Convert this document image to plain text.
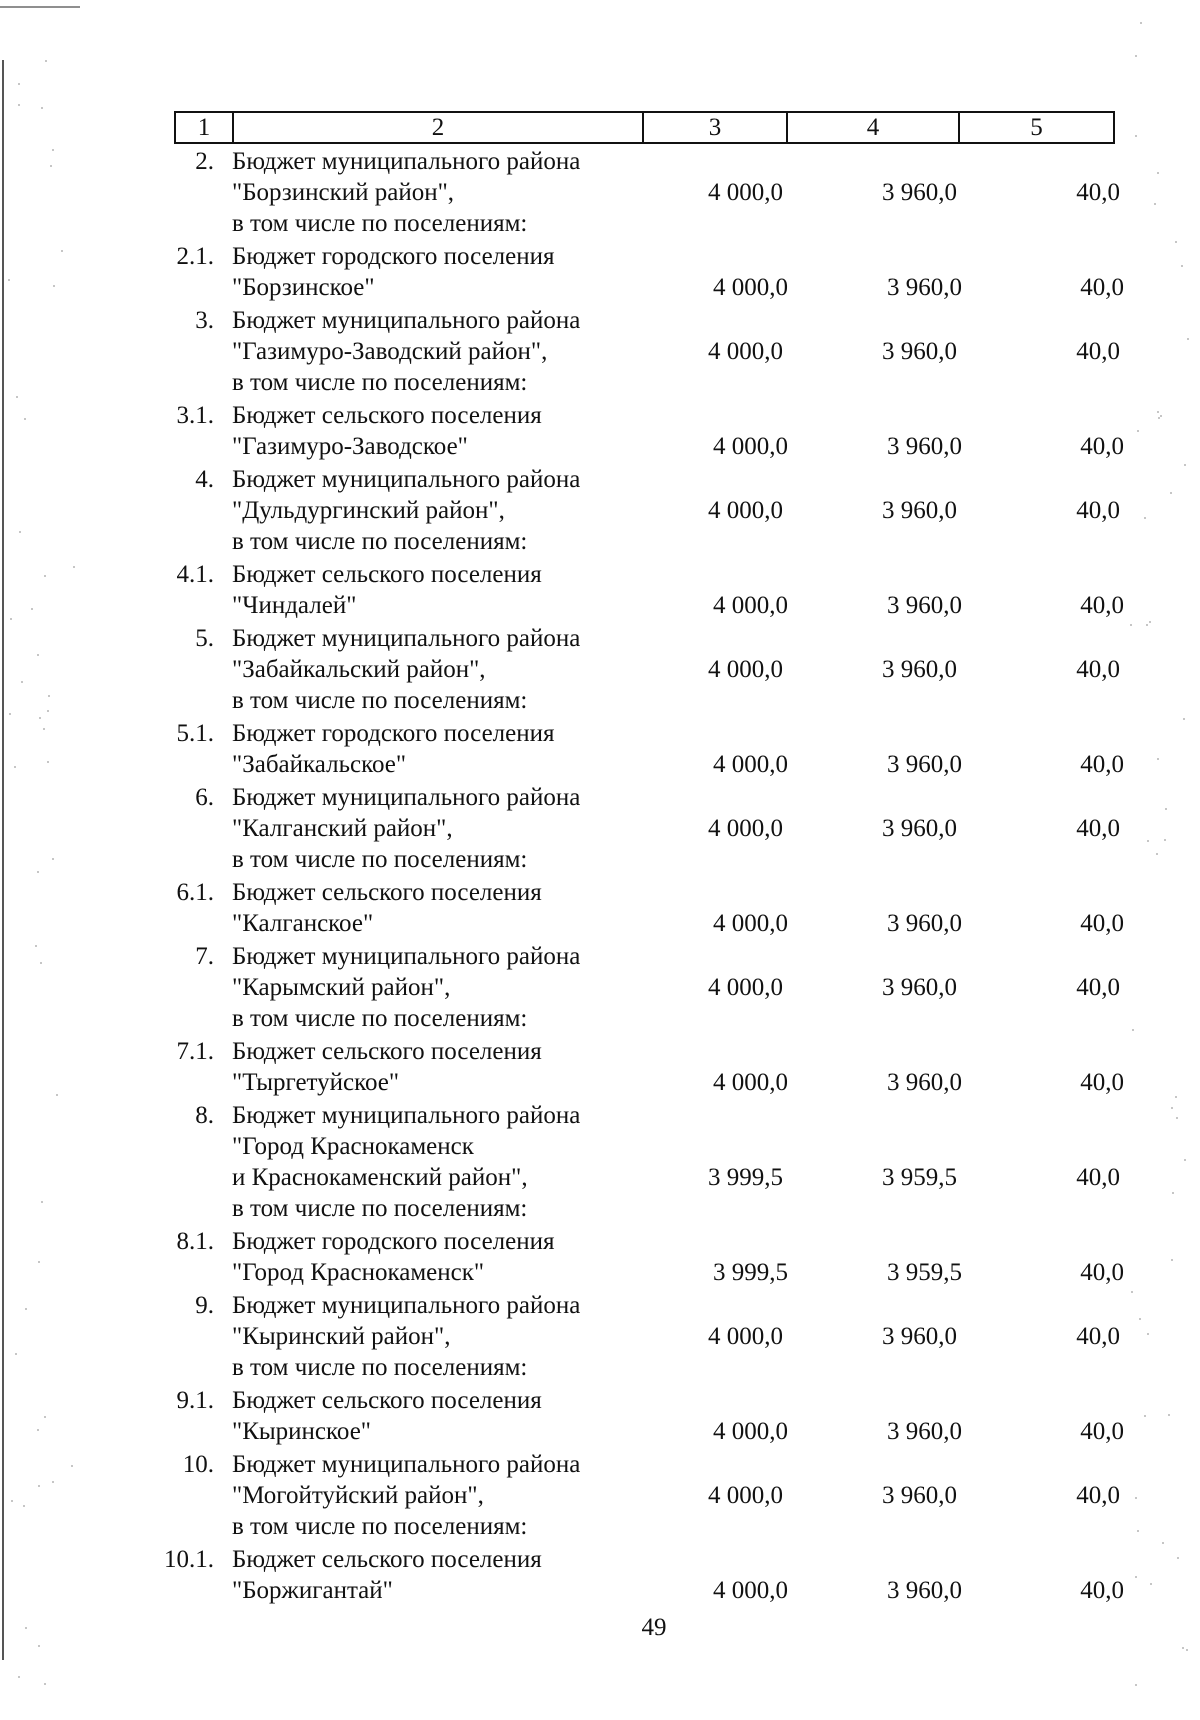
1	2	3	4	5
2. Бюджет муниципального района
"Борзинский район",
в том числе по поселениям:
4 000,0	3 960,0	40,0
2.1. Бюджет городского поселения
"Борзинское"	4 000,0	3 960,0	40,0
3. Бюджет муниципального района
"Газимуро-Заводский район",
в том числе по поселениям:
4 000,0	3 960,0	40,0
3.1. Бюджет сельского поселения
"Газимуро-Заводское"	4 000,0	3 960,0	40,0
4. Бюджет муниципального района
"Дульдургинский район",
в том числе по поселениям:
4 000,0	3 960,0	40,0
4.1. Бюджет сельского поселения
"Чиндалей"	4 000,0	3 960,0	40,0
5. Бюджет муниципального района
"Забайкальский район",
в том числе по поселениям:
4 000,0	3 960,0	40,0
5.1. Бюджет городского поселения
"Забайкальское"	4 000,0	3 960,0	40,0
6. Бюджет муниципального района
"Калганский район",
в том числе по поселениям:
4 000,0	3 960,0	40,0
6.1. Бюджет сельского поселения
"Калганское"	4 000,0	3 960,0	40,0
7. Бюджет муниципального района
"Карымский район",
в том числе по поселениям:
4 000,0	3 960,0	40,0
7.1. Бюджет сельского поселения
"Тыргетуйское"	4 000,0	3 960,0	40,0
8. Бюджет муниципального района
"Город Краснокаменск
и Краснокаменский район",
в том числе по поселениям:
3 999,5	3 959,5	40,0
8.1. Бюджет городского поселения
"Город Краснокаменск"	3 999,5	3 959,5	40,0
9. Бюджет муниципального района
"Кыринский район",
в том числе по поселениям:
4 000,0	3 960,0	40,0
9.1. Бюджет сельского поселения
"Кыринское"	4 000,0	3 960,0	40,0
10. Бюджет муниципального района
"Могойтуйский район",
в том числе по поселениям:
4 000,0	3 960,0	40,0
10.1. Бюджет сельского поселения
"Боржигантай"	4 000,0	3 960,0	40,0
49
